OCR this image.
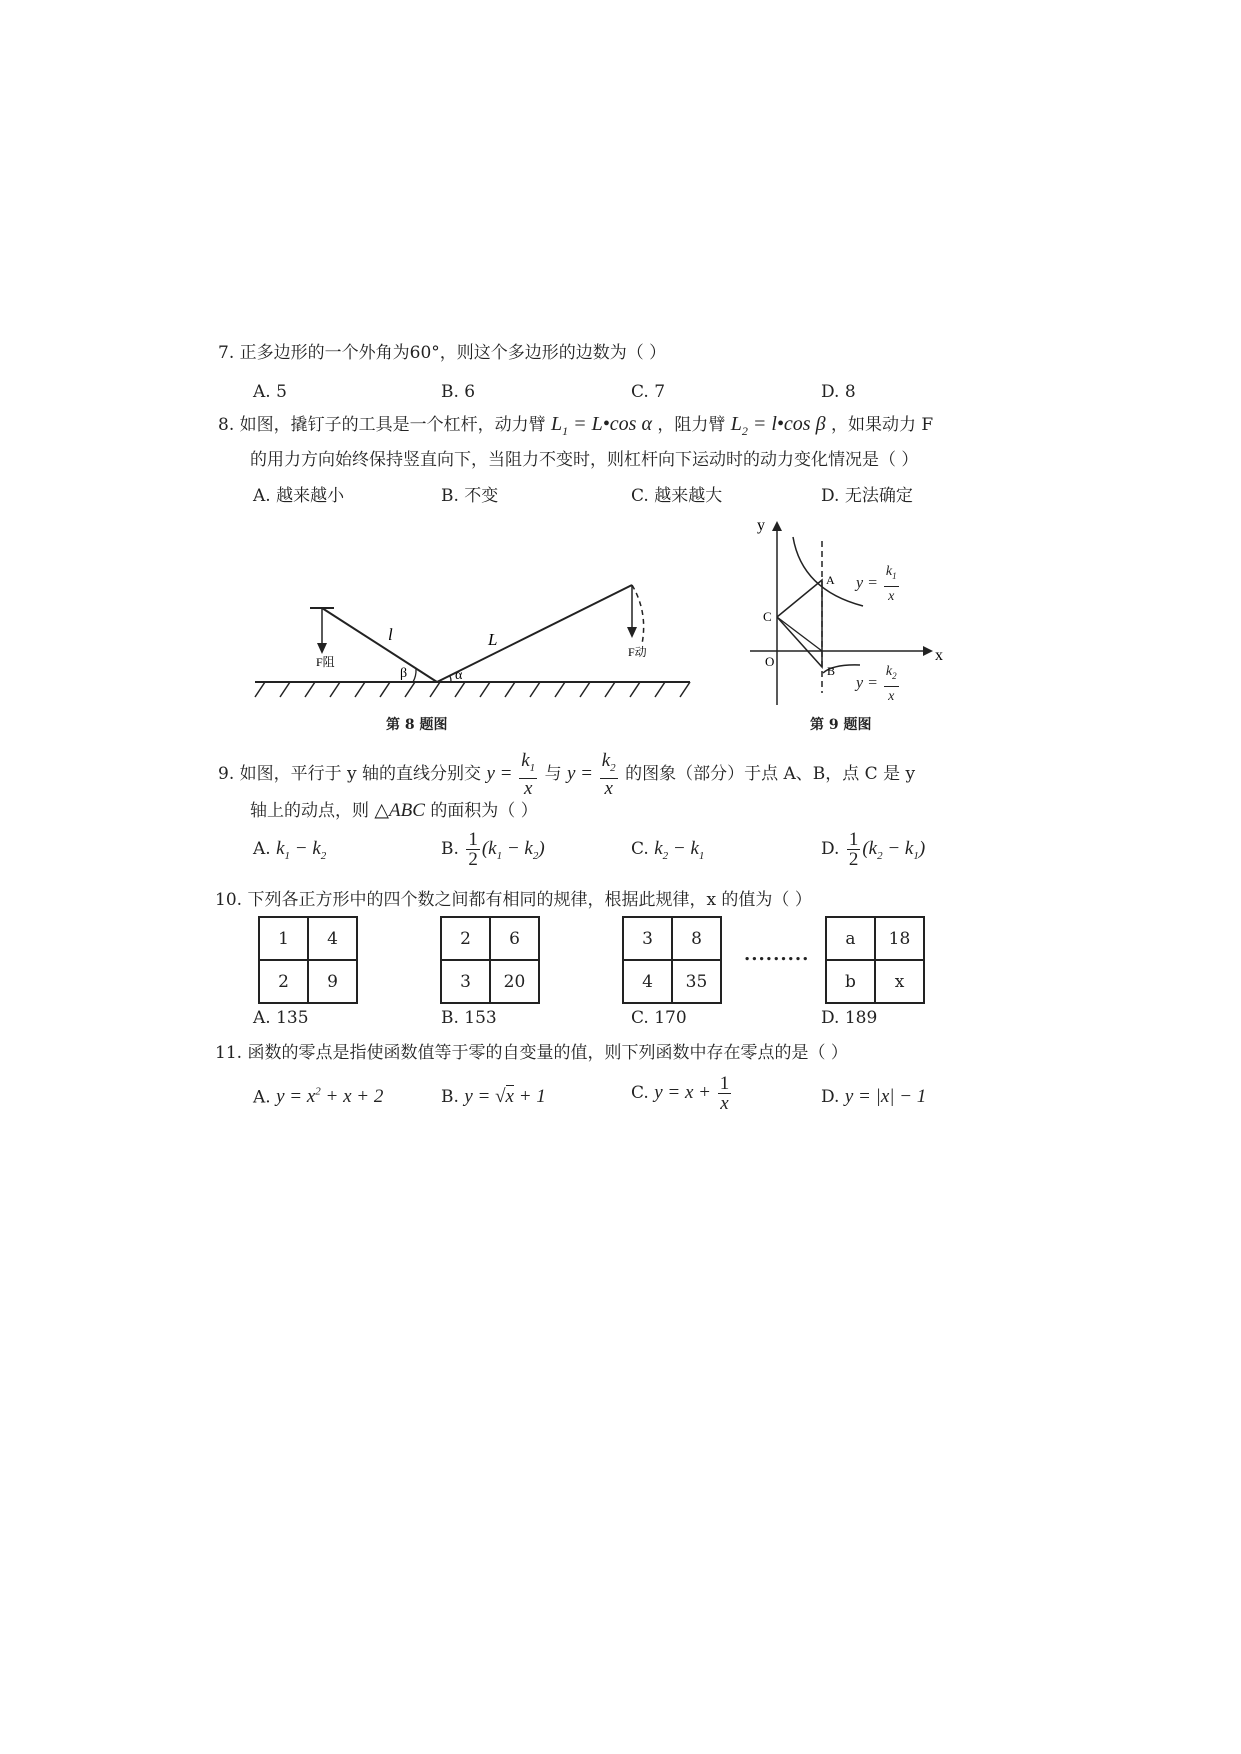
7. 正多边形的一个外角为60°，则这个多边形的边数为（ ）
A. 5	B. 6	C. 7	D. 8
8. 如图，撬钉子的工具是一个杠杆，动力臂 $L_1$ = L•cos α ，阻力臂 $L_2$ = l•cos β ，如果动力 F
的用力方向始终保持竖直向下，当阻力不变时，则杠杆向下运动时的动力变化情况是（ ）
A. 越来越小	B. 不变	C. 越来越大	D. 无法确定
l	L
β	α
F阻
F动
第 8 题图
y
x
O
A
B
C
$y = \frac{k_1}{x}$
$y = \frac{k_2}{x}$
第 9 题图
9. 如图，平行于 y 轴的直线分别交 $y = \frac{k_1}{x}$ 与 $y = \frac{k_2}{x}$ 的图象（部分）于点 A、B，点 C 是 y
轴上的动点，则 △ABC 的面积为（ ）
A. $k_1 - k_2$	B. $\frac{1}{2} (k_1 - k_2)$	C. $k_2 - k_1$	D. $\frac{1}{2} (k_2 - k_1)$
10. 下列各正方形中的四个数之间都有相同的规律，根据此规律，x 的值为（ ）
1	4
2	9
2	6
3	20
3	8
4	35
.........
a	18
b	x
A. 135	B. 153	C. 170	D. 189
11. 函数的零点是指使函数值等于零的自变量的值，则下列函数中存在零点的是（ ）
A. $y = x^2 + x + 2$	B. y = √x + 1	C. $y = x + \frac{1}{x}$	D. y = |x| − 1
